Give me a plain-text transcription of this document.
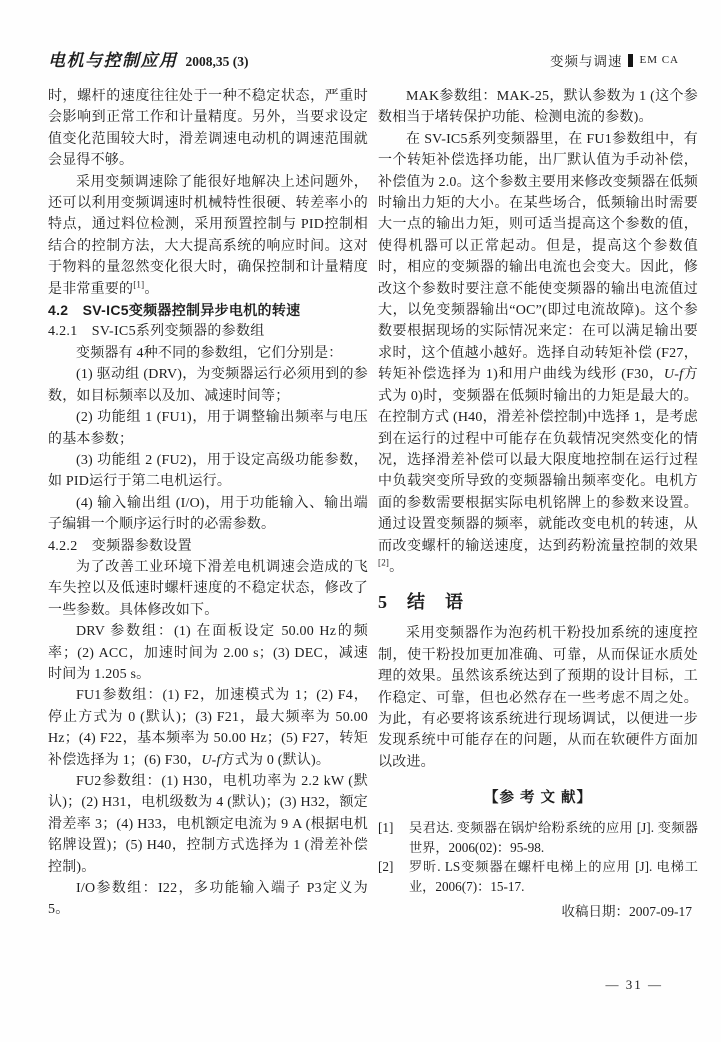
电机与控制应用 2008,35 (3)	变频与调速 EM CA

时，螺杆的速度往往处于一种不稳定状态，严重时会影响到正常工作和计量精度。另外，当要求设定值变化范围较大时，滑差调速电动机的调速范围就会显得不够。

采用变频调速除了能很好地解决上述问题外，还可以利用变频调速时机械特性很硬、转差率小的特点，通过料位检测，采用预置控制与 PID控制相结合的控制方法，大大提高系统的响应时间。这对于物料的量忽然变化很大时，确保控制和计量精度是非常重要的[1]。

4.2　SV-IC5变频器控制异步电机的转速

4.2.1　SV-IC5系列变频器的参数组

变频器有 4种不同的参数组，它们分别是：

(1) 驱动组 (DRV)，为变频器运行必须用到的参数，如目标频率以及加、减速时间等；

(2) 功能组 1 (FU1)，用于调整输出频率与电压的基本参数；

(3) 功能组 2 (FU2)，用于设定高级功能参数，如 PID运行于第二电机运行。

(4) 输入输出组 (I/O)，用于功能输入、输出端子编辑一个顺序运行时的必需参数。

4.2.2　变频器参数设置

为了改善工业环境下滑差电机调速会造成的飞车失控以及低速时螺杆速度的不稳定状态，修改了一些参数。具体修改如下。

DRV 参数组：(1) 在面板设定 50.00 Hz的频率；(2) ACC，加速时间为 2.00 s；(3) DEC，减速时间为 1.205 s。

FU1参数组：(1) F2，加速模式为 1；(2) F4，停止方式为 0 (默认)；(3) F21，最大频率为 50.00 Hz；(4) F22，基本频率为 50.00 Hz；(5) F27，转矩补偿选择为 1；(6) F30，U-f方式为 0 (默认)。

FU2参数组：(1) H30，电机功率为 2.2 kW (默认)；(2) H31，电机级数为 4 (默认)；(3) H32，额定滑差率 3；(4) H33，电机额定电流为 9 A (根据电机铭牌设置)；(5) H40，控制方式选择为 1 (滑差补偿控制)。

I/O参数组：I22，多功能输入端子 P3定义为 5。

MAK参数组：MAK-25，默认参数为 1 (这个参数相当于堵转保护功能、检测电流的参数)。

在 SV-IC5系列变频器里，在 FU1参数组中，有一个转矩补偿选择功能，出厂默认值为手动补偿，补偿值为 2.0。这个参数主要用来修改变频器在低频时输出力矩的大小。在某些场合，低频输出时需要大一点的输出力矩，则可适当提高这个参数的值，使得机器可以正常起动。但是，提高这个参数值时，相应的变频器的输出电流也会变大。因此，修改这个参数时要注意不能使变频器的输出电流值过大，以免变频器输出“OC”(即过电流故障)。这个参数要根据现场的实际情况来定：在可以满足输出要求时，这个值越小越好。选择自动转矩补偿 (F27，转矩补偿选择为 1)和用户曲线为线形 (F30，U-f方式为 0)时，变频器在低频时输出的力矩是最大的。在控制方式 (H40，滑差补偿控制)中选择 1，是考虑到在运行的过程中可能存在负载情况突然变化的情况，选择滑差补偿可以最大限度地控制在运行过程中负载突变所导致的变频器输出频率变化。电机方面的参数需要根据实际电机铭牌上的参数来设置。通过设置变频器的频率，就能改变电机的转速，从而改变螺杆的输送速度，达到药粉流量控制的效果[2]。

5　结　语

采用变频器作为泡药机干粉投加系统的速度控制，使干粉投加更加准确、可靠，从而保证水质处理的效果。虽然该系统达到了预期的设计目标，工作稳定、可靠，但也必然存在一些考虑不周之处。为此，有必要将该系统进行现场调试，以便进一步发现系统中可能存在的问题，从而在软硬件方面加以改进。

【参 考 文 献】

[1] 吴君达. 变频器在锅炉给粉系统的应用 [J]. 变频器世界，2006(02)：95-98.

[2] 罗昕. LS变频器在螺杆电梯上的应用 [J]. 电梯工业，2006(7)：15-17.

收稿日期：2007-09-17

— 31 —
